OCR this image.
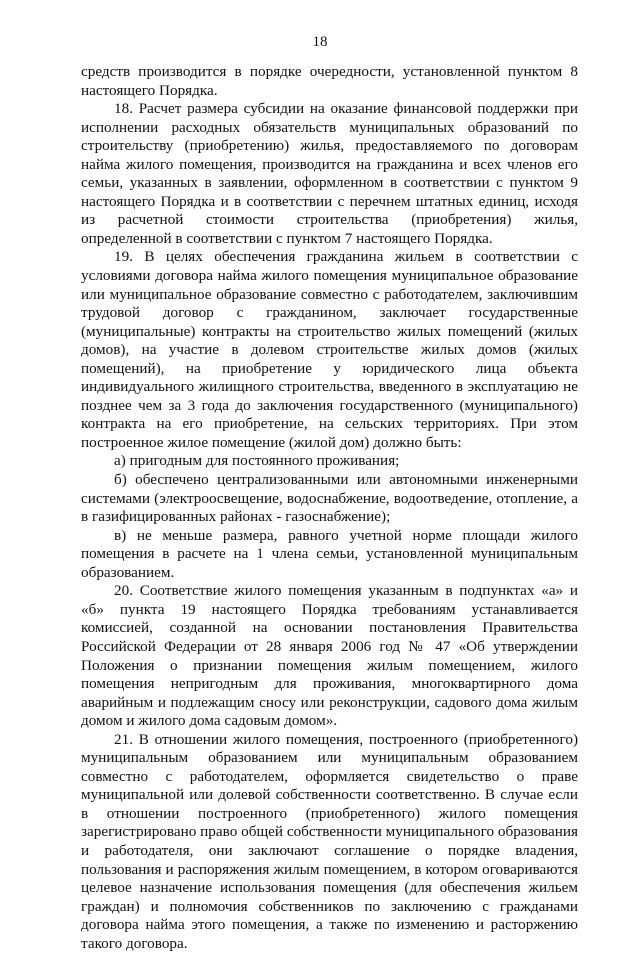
18

средств производится в порядке очередности, установленной пунктом 8 настоящего Порядка.

18. Расчет размера субсидии на оказание финансовой поддержки при исполнении расходных обязательств муниципальных образований по строительству (приобретению) жилья, предоставляемого по договорам найма жилого помещения, производится на гражданина и всех членов его семьи, указанных в заявлении, оформленном в соответствии с пунктом 9 настоящего Порядка и в соответствии с перечнем штатных единиц, исходя из расчетной стоимости строительства (приобретения) жилья, определенной в соответствии с пунктом 7 настоящего Порядка.

19. В целях обеспечения гражданина жильем в соответствии с условиями договора найма жилого помещения муниципальное образование или муниципальное образование совместно с работодателем, заключившим трудовой договор с гражданином, заключает государственные (муниципальные) контракты на строительство жилых помещений (жилых домов), на участие в долевом строительстве жилых домов (жилых помещений), на приобретение у юридического лица объекта индивидуального жилищного строительства, введенного в эксплуатацию не позднее чем за 3 года до заключения государственного (муниципального) контракта на его приобретение, на сельских территориях. При этом построенное жилое помещение (жилой дом) должно быть:

а) пригодным для постоянного проживания;

б) обеспечено централизованными или автономными инженерными системами (электроосвещение, водоснабжение, водоотведение, отопление, а в газифицированных районах - газоснабжение);

в) не меньше размера, равного учетной норме площади жилого помещения в расчете на 1 члена семьи, установленной муниципальным образованием.

20. Соответствие жилого помещения указанным в подпунктах «а» и «б» пункта 19 настоящего Порядка требованиям устанавливается комиссией, созданной на основании постановления Правительства Российской Федерации от 28 января 2006 год № 47 «Об утверждении Положения о признании помещения жилым помещением, жилого помещения непригодным для проживания, многоквартирного дома аварийным и подлежащим сносу или реконструкции, садового дома жилым домом и жилого дома садовым домом».

21. В отношении жилого помещения, построенного (приобретенного) муниципальным образованием или муниципальным образованием совместно с работодателем, оформляется свидетельство о праве муниципальной или долевой собственности соответственно. В случае если в отношении построенного (приобретенного) жилого помещения зарегистрировано право общей собственности муниципального образования и работодателя, они заключают соглашение о порядке владения, пользования и распоряжения жилым помещением, в котором оговариваются целевое назначение использования помещения (для обеспечения жильем граждан) и полномочия собственников по заключению с гражданами договора найма этого помещения, а также по изменению и расторжению такого договора.
